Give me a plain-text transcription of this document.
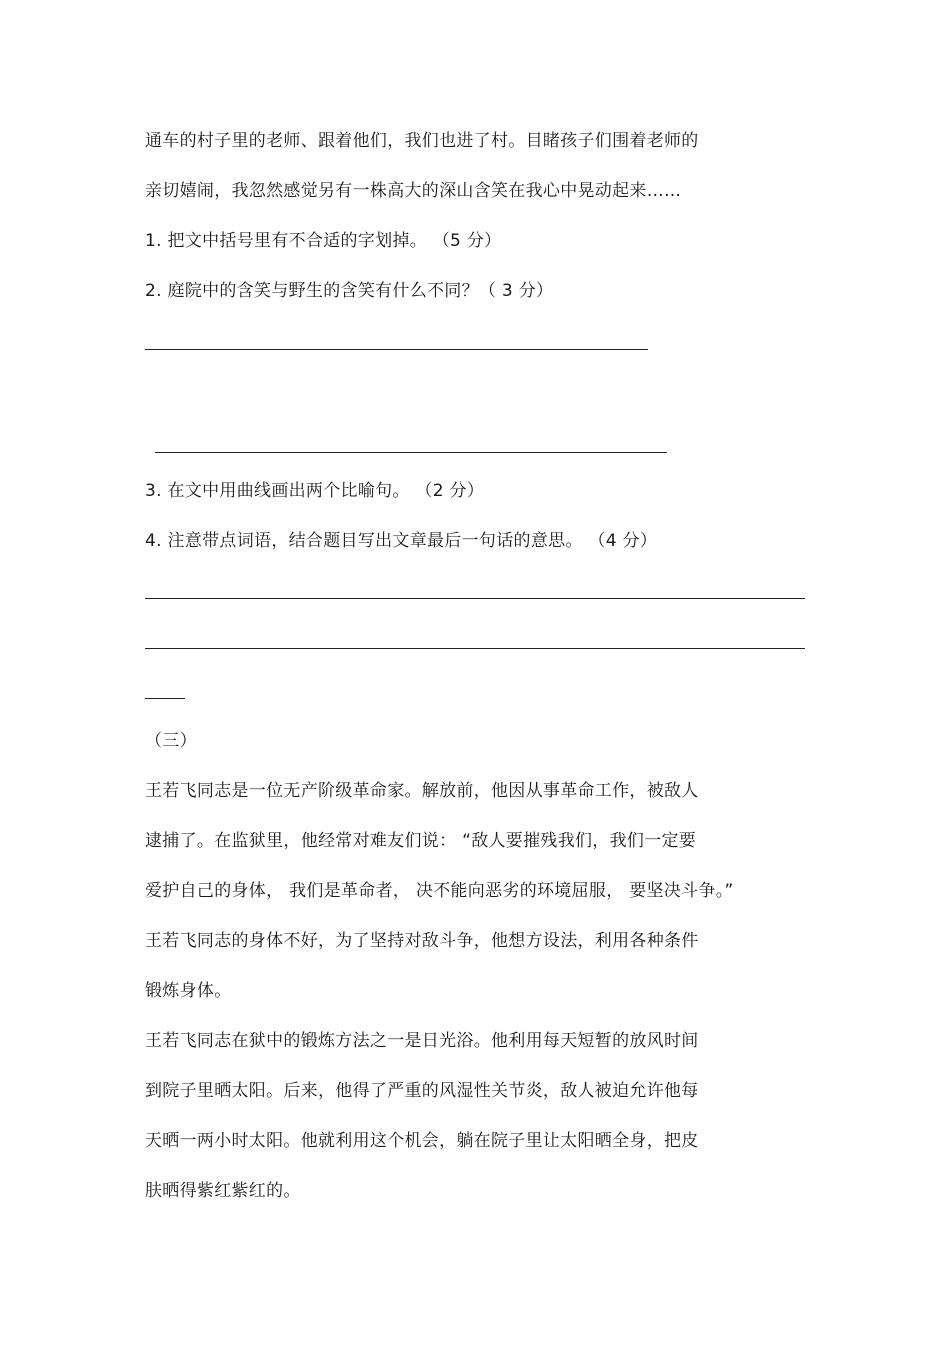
通车的村子里的老师、跟着他们，我们也进了村。目睹孩子们围着老师的
亲切嬉闹，我忽然感觉另有一株高大的深山含笑在我心中晃动起来……
1. 把文中括号里有不合适的字划掉。 （5 分）
2. 庭院中的含笑与野生的含笑有什么不同？（ 3 分）
3. 在文中用曲线画出两个比喻句。 （2 分）
4. 注意带点词语，结合题目写出文章最后一句话的意思。 （4 分）
（三）
王若飞同志是一位无产阶级革命家。解放前，他因从事革命工作，被敌人
逮捕了。在监狱里，他经常对难友们说： “敌人要摧残我们，我们一定要
爱护自己的身体， 我们是革命者， 决不能向恶劣的环境屈服， 要坚决斗争。”
王若飞同志的身体不好，为了坚持对敌斗争，他想方设法，利用各种条件
锻炼身体。
王若飞同志在狱中的锻炼方法之一是日光浴。他利用每天短暂的放风时间
到院子里晒太阳。后来，他得了严重的风湿性关节炎，敌人被迫允许他每
天晒一两小时太阳。他就利用这个机会，躺在院子里让太阳晒全身，把皮
肤晒得紫红紫红的。
